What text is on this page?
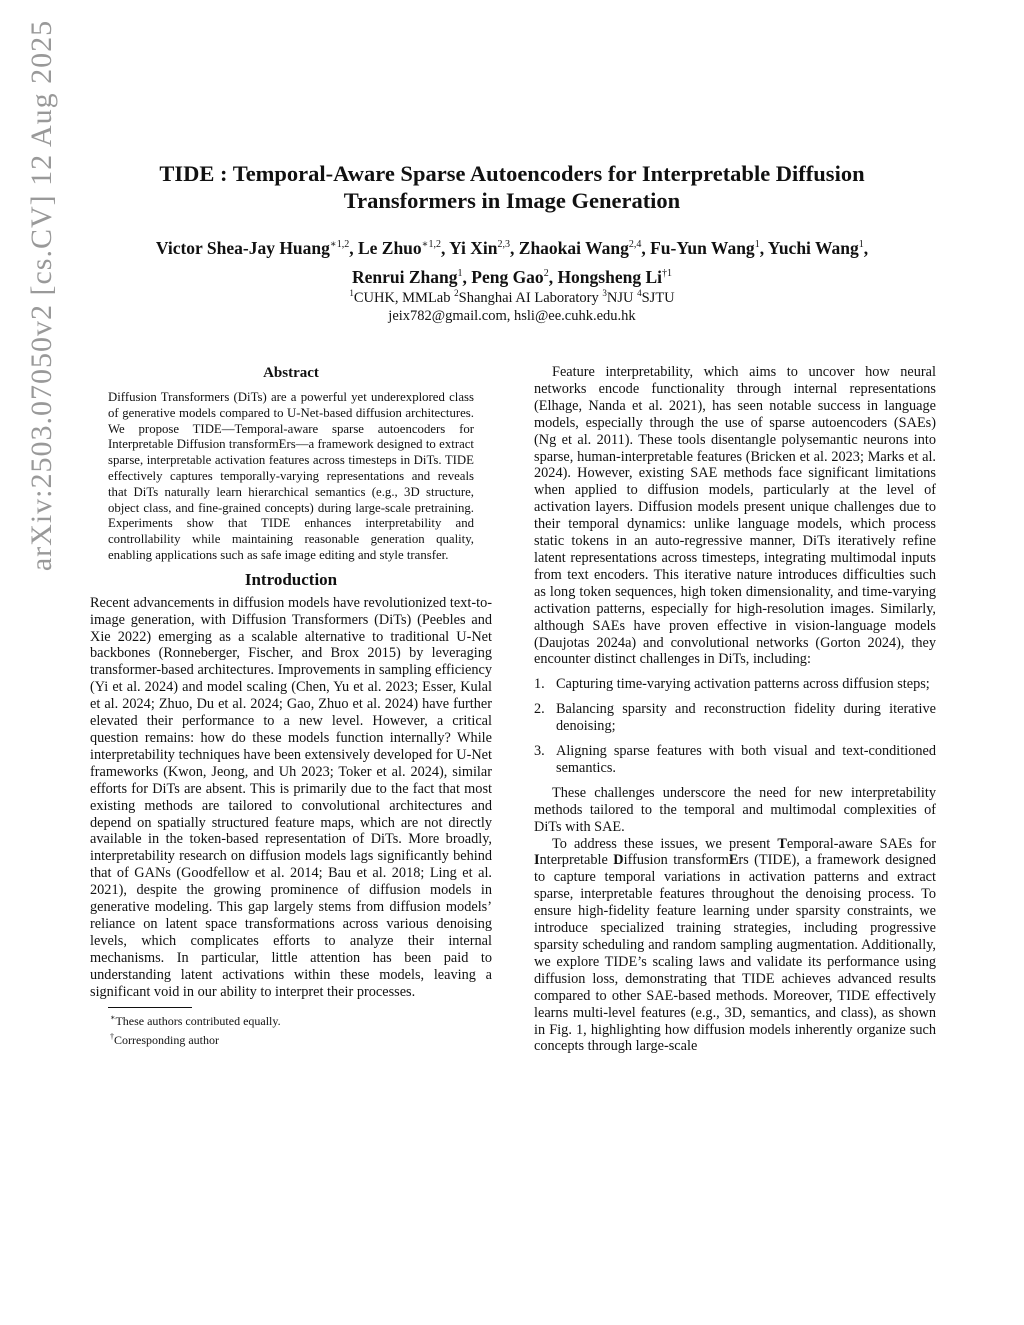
arXiv:2503.07050v2 [cs.CV] 12 Aug 2025	TIDE : Temporal-Aware Sparse Autoencoders for Interpretable Diffusion Transformers in Image Generation
Victor Shea-Jay Huang$^{∗1,2}$, Le Zhuo$^{∗1,2}$, Yi Xin$^{2,3}$, Zhaokai Wang$^{2,4}$, Fu-Yun Wang$^1$, Yuchi Wang$^1$,
Renrui Zhang$^1$, Peng Gao$^2$, Hongsheng Li$^{\dagger 1}$
$^1$CUHK, MMLab $^2$Shanghai AI Laboratory $^3$NJU $^4$SJTU
jeix782@gmail.com, hsli@ee.cuhk.edu.hk
Abstract

Diffusion Transformers (DiTs) are a powerful yet underexplored class of generative models compared to U-Net-based diffusion architectures. We propose TIDE—Temporal-aware sparse autoencoders for Interpretable Diffusion transformErs—a framework designed to extract sparse, interpretable activation features across timesteps in DiTs. TIDE effectively captures temporally-varying representations and reveals that DiTs naturally learn hierarchical semantics (e.g., 3D structure, object class, and fine-grained concepts) during large-scale pretraining. Experiments show that TIDE enhances interpretability and controllability while maintaining reasonable generation quality, enabling applications such as safe image editing and style transfer.

Introduction

Recent advancements in diffusion models have revolutionized text-to-image generation, with Diffusion Transformers (DiTs) (Peebles and Xie 2022) emerging as a scalable alternative to traditional U-Net backbones (Ronneberger, Fischer, and Brox 2015) by leveraging transformer-based architectures. Improvements in sampling efficiency (Yi et al. 2024) and model scaling (Chen, Yu et al. 2023; Esser, Kulal et al. 2024; Zhuo, Du et al. 2024; Gao, Zhuo et al. 2024) have further elevated their performance to a new level. However, a critical question remains: how do these models function internally? While interpretability techniques have been extensively developed for U-Net frameworks (Kwon, Jeong, and Uh 2023; Toker et al. 2024), similar efforts for DiTs are absent. This is primarily due to the fact that most existing methods are tailored to convolutional architectures and depend on spatially structured feature maps, which are not directly available in the token-based representation of DiTs. More broadly, interpretability research on diffusion models lags significantly behind that of GANs (Goodfellow et al. 2014; Bau et al. 2018; Ling et al. 2021), despite the growing prominence of diffusion models in generative modeling. This gap largely stems from diffusion models’ reliance on latent space transformations across various denoising levels, which complicates efforts to analyze their internal mechanisms. In particular, little attention has been paid to understanding latent activations within these models, leaving a significant void in our ability to interpret their processes.

∗These authors contributed equally.
†Corresponding author

Feature interpretability, which aims to uncover how neural networks encode functionality through internal representations (Elhage, Nanda et al. 2021), has seen notable success in language models, especially through the use of sparse autoencoders (SAEs) (Ng et al. 2011). These tools disentangle polysemantic neurons into sparse, human-interpretable features (Bricken et al. 2023; Marks et al. 2024). However, existing SAE methods face significant limitations when applied to diffusion models, particularly at the level of activation layers. Diffusion models present unique challenges due to their temporal dynamics: unlike language models, which process static tokens in an auto-regressive manner, DiTs iteratively refine latent representations across timesteps, integrating multimodal inputs from text encoders. This iterative nature introduces difficulties such as long token sequences, high token dimensionality, and time-varying activation patterns, especially for high-resolution images. Similarly, although SAEs have proven effective in vision-language models (Daujotas 2024a) and convolutional networks (Gorton 2024), they encounter distinct challenges in DiTs, including:

1. Capturing time-varying activation patterns across diffusion steps;
2. Balancing sparsity and reconstruction fidelity during iterative denoising;
3. Aligning sparse features with both visual and text-conditioned semantics.

These challenges underscore the need for new interpretability methods tailored to the temporal and multimodal complexities of DiTs with SAE.

To address these issues, we present Temporal-aware SAEs for Interpretable Diffusion transformErs (TIDE), a framework designed to capture temporal variations in activation patterns and extract sparse, interpretable features throughout the denoising process. To ensure high-fidelity feature learning under sparsity constraints, we introduce specialized training strategies, including progressive sparsity scheduling and random sampling augmentation. Additionally, we explore TIDE’s scaling laws and validate its performance using diffusion loss, demonstrating that TIDE achieves advanced results compared to other SAE-based methods. Moreover, TIDE effectively learns multi-level features (e.g., 3D, semantics, and class), as shown in Fig. 1, highlighting how diffusion models inherently organize such concepts through large-scale
